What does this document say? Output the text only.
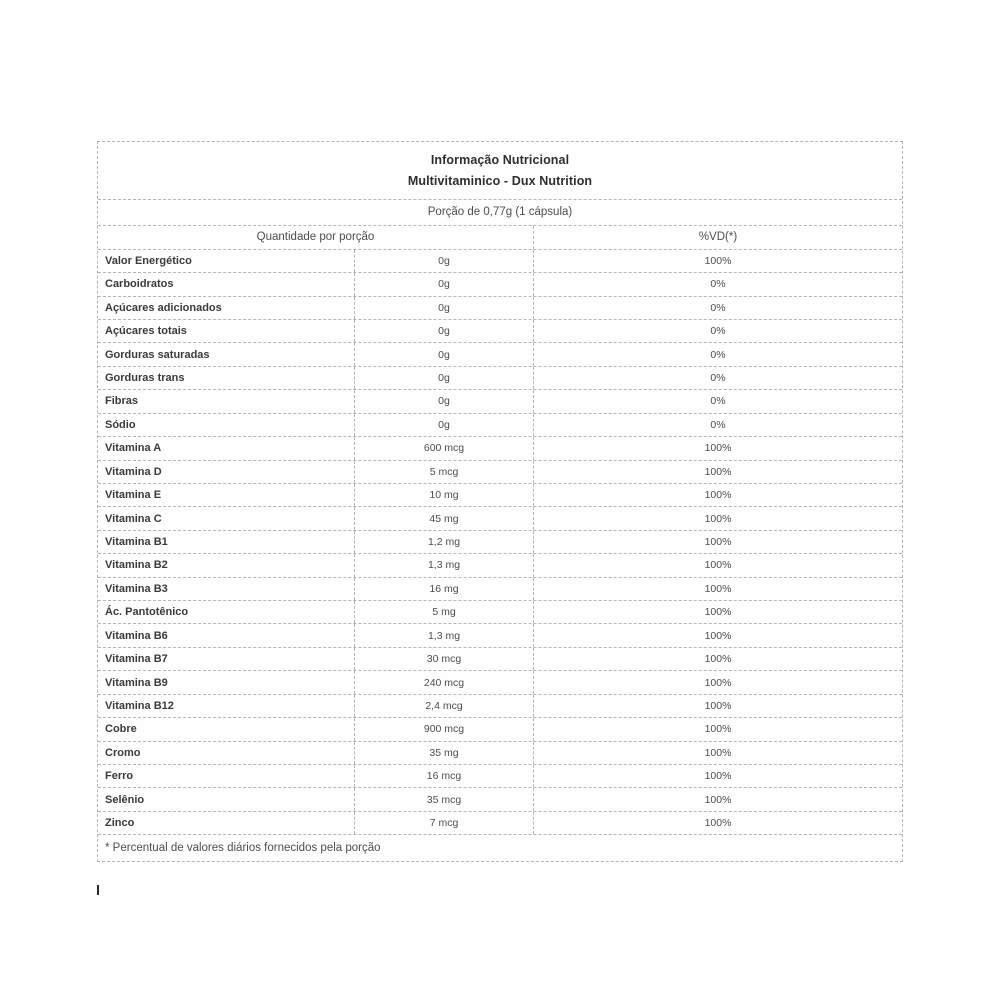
Informação Nutricional
Multivitaminico - Dux Nutrition
Porção de 0,77g (1 cápsula)
Quantidade por porção	%VD(*)
Valor Energético	0g	100%
Carboidratos	0g	0%
Açúcares adicionados	0g	0%
Açúcares totais	0g	0%
Gorduras saturadas	0g	0%
Gorduras trans	0g	0%
Fibras	0g	0%
Sódio	0g	0%
Vitamina A	600 mcg	100%
Vitamina D	5 mcg	100%
Vitamina E	10 mg	100%
Vitamina C	45 mg	100%
Vitamina B1	1,2 mg	100%
Vitamina B2	1,3 mg	100%
Vitamina B3	16 mg	100%
Ác. Pantotênico	5 mg	100%
Vitamina B6	1,3 mg	100%
Vitamina B7	30 mcg	100%
Vitamina B9	240 mcg	100%
Vitamina B12	2,4 mcg	100%
Cobre	900 mcg	100%
Cromo	35 mg	100%
Ferro	16 mcg	100%
Selênio	35 mcg	100%
Zinco	7 mcg	100%
* Percentual de valores diários fornecidos pela porção
